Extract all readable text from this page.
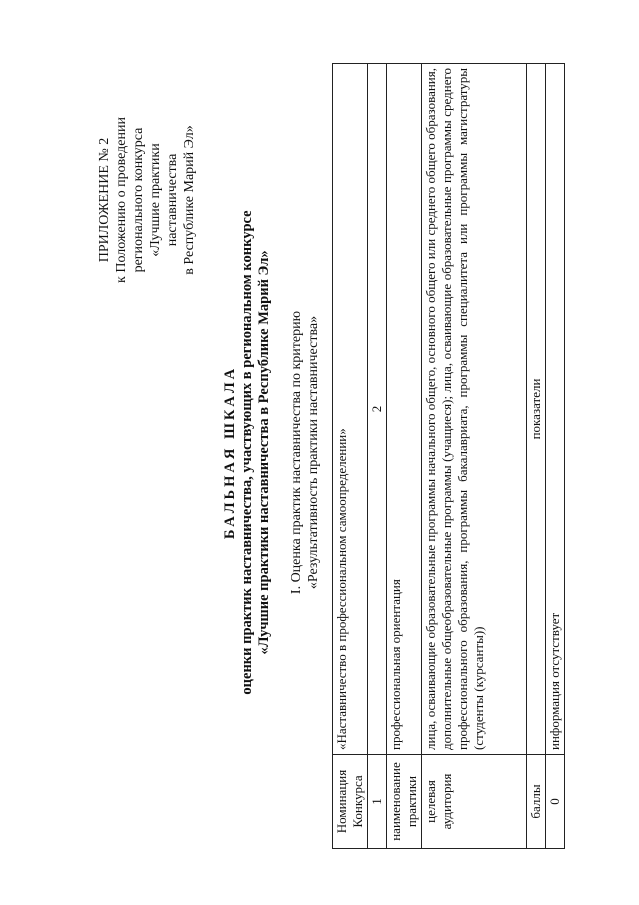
ПРИЛОЖЕНИЕ № 2 к Положению о проведении регионального конкурса «Лучшие практики наставничества в Республике Марий Эл»
БАЛЬНАЯ ШКАЛА оценки практик наставничества, участвующих в региональном конкурсе «Лучшие практики наставничества в Республике Марий Эл» I. Оценка практик наставничества по критерию «Результативность практики наставничества»
Номинация Конкурса	«Наставничество в профессиональном самоопределении»
1	2
наименование практики	профессиональная ориентация
целевая аудитория	лица, осваивающие образовательные программы начального общего, основного общего или среднего общего образования, дополнительные общеобразовательные программы (учащиеся); лица, осваивающие образовательные программы среднего профессионального образования, программы бакалавриата, программы специалитета или программы магистратуры (студенты (курсанты))
баллы	показатели
0	информация отсутствует
